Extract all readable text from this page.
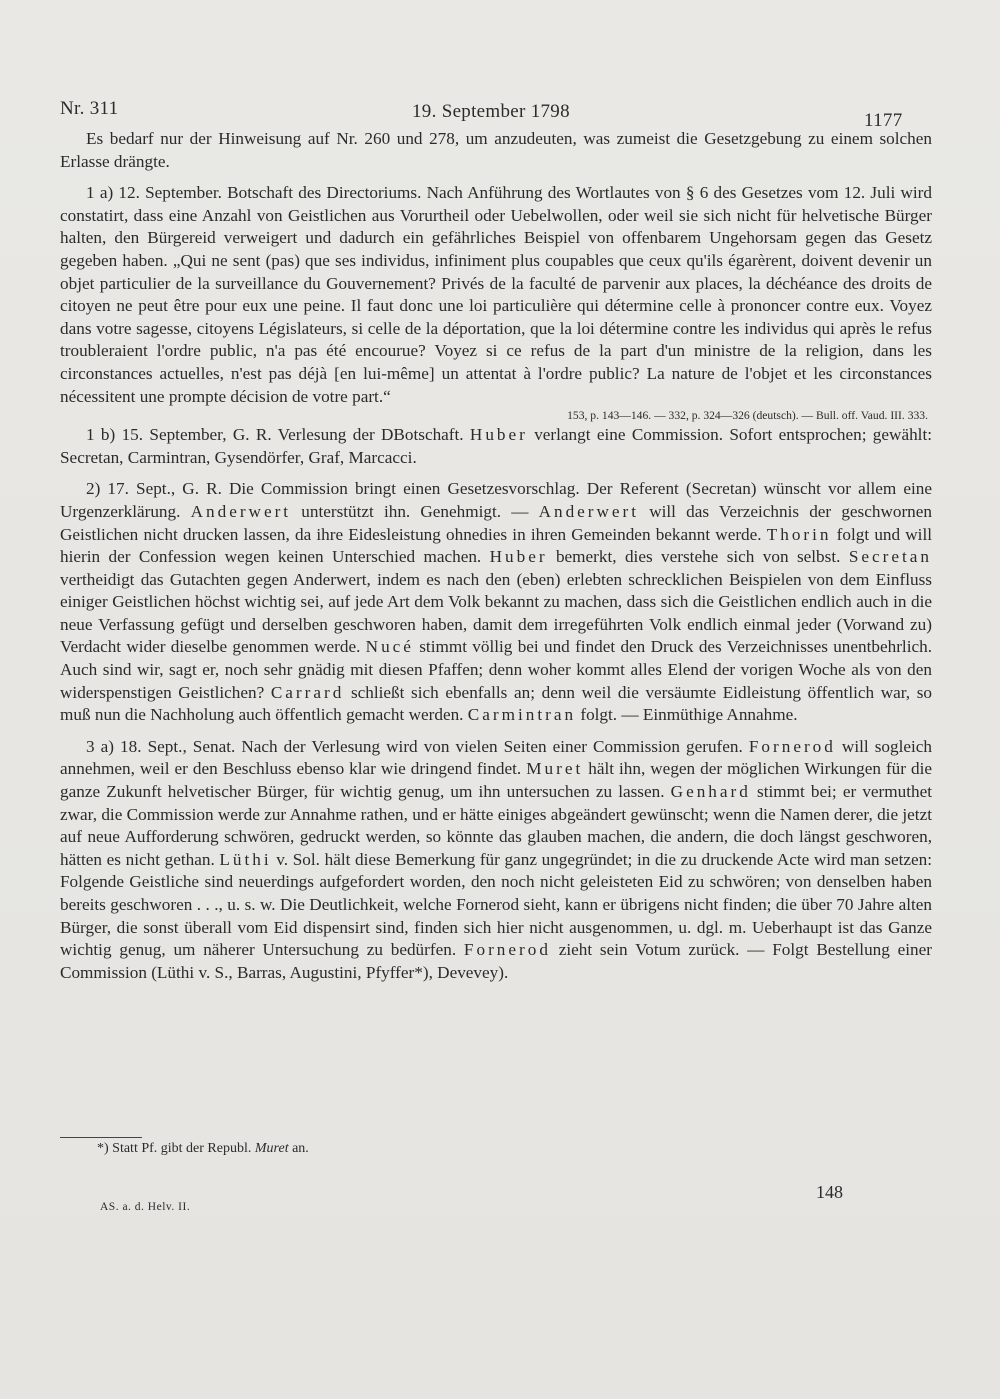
Nr. 311	19. September 1798	1177

Es bedarf nur der Hinweisung auf Nr. 260 und 278, um anzudeuten, was zumeist die Gesetzgebung zu einem solchen Erlasse drängte.

1 a) 12. September. Botschaft des Directoriums. Nach Anführung des Wortlautes von § 6 des Gesetzes vom 12. Juli wird constatirt, dass eine Anzahl von Geistlichen aus Vorurtheil oder Uebelwollen, oder weil sie sich nicht für helvetische Bürger halten, den Bürgereid verweigert und dadurch ein gefährliches Beispiel von offenbarem Ungehorsam gegen das Gesetz gegeben haben. „Qui ne sent (pas) que ses individus, infiniment plus coupables que ceux qu'ils égarèrent, doivent devenir un objet particulier de la surveillance du Gouvernement? Privés de la faculté de parvenir aux places, la déchéance des droits de citoyen ne peut être pour eux une peine. Il faut donc une loi particulière qui détermine celle à prononcer contre eux. Voyez dans votre sagesse, citoyens Législateurs, si celle de la déportation, que la loi détermine contre les individus qui après le refus troubleraient l'ordre public, n'a pas été encourue? Voyez si ce refus de la part d'un ministre de la religion, dans les circonstances actuelles, n'est pas déjà [en lui-même] un attentat à l'ordre public? La nature de l'objet et les circonstances nécessitent une prompte décision de votre part.“

153, p. 143—146. — 332, p. 324—326 (deutsch). — Bull. off. Vaud. III. 333.

1 b) 15. September, G. R. Verlesung der DBotschaft. Huber verlangt eine Commission. Sofort entsprochen; gewählt: Secretan, Carmintran, Gysendörfer, Graf, Marcacci.

2) 17. Sept., G. R. Die Commission bringt einen Gesetzesvorschlag. Der Referent (Secretan) wünscht vor allem eine Urgenzerklärung. Anderwert unterstützt ihn. Genehmigt. — Anderwert will das Verzeichnis der geschwornen Geistlichen nicht drucken lassen, da ihre Eidesleistung ohnedies in ihren Gemeinden bekannt werde. Thorin folgt und will hierin der Confession wegen keinen Unterschied machen. Huber bemerkt, dies verstehe sich von selbst. Secretan vertheidigt das Gutachten gegen Anderwert, indem es nach den (eben) erlebten schrecklichen Beispielen von dem Einfluss einiger Geistlichen höchst wichtig sei, auf jede Art dem Volk bekannt zu machen, dass sich die Geistlichen endlich auch in die neue Verfassung gefügt und derselben geschworen haben, damit dem irregeführten Volk endlich einmal jeder (Vorwand zu) Verdacht wider dieselbe genommen werde. Nucé stimmt völlig bei und findet den Druck des Verzeichnisses unentbehrlich. Auch sind wir, sagt er, noch sehr gnädig mit diesen Pfaffen; denn woher kommt alles Elend der vorigen Woche als von den widerspenstigen Geistlichen? Carrard schließt sich ebenfalls an; denn weil die versäumte Eidleistung öffentlich war, so muß nun die Nachholung auch öffentlich gemacht werden. Carmintran folgt. — Einmüthige Annahme.

3 a) 18. Sept., Senat. Nach der Verlesung wird von vielen Seiten einer Commission gerufen. Fornerod will sogleich annehmen, weil er den Beschluss ebenso klar wie dringend findet. Muret hält ihn, wegen der möglichen Wirkungen für die ganze Zukunft helvetischer Bürger, für wichtig genug, um ihn untersuchen zu lassen. Genhard stimmt bei; er vermuthet zwar, die Commission werde zur Annahme rathen, und er hätte einiges abgeändert gewünscht; wenn die Namen derer, die jetzt auf neue Aufforderung schwören, gedruckt werden, so könnte das glauben machen, die andern, die doch längst geschworen, hätten es nicht gethan. Lüthi v. Sol. hält diese Bemerkung für ganz ungegründet; in die zu druckende Acte wird man setzen: Folgende Geistliche sind neuerdings aufgefordert worden, den noch nicht geleisteten Eid zu schwören; von denselben haben bereits geschworen . . ., u. s. w. Die Deutlichkeit, welche Fornerod sieht, kann er übrigens nicht finden; die über 70 Jahre alten Bürger, die sonst überall vom Eid dispensirt sind, finden sich hier nicht ausgenommen, u. dgl. m. Ueberhaupt ist das Ganze wichtig genug, um näherer Untersuchung zu bedürfen. Fornerod zieht sein Votum zurück. — Folgt Bestellung einer Commission (Lüthi v. S., Barras, Augustini, Pfyffer*), Devevey).

*) Statt Pf. gibt der Republ. Muret an.
AS. a. d. Helv. II.
148
